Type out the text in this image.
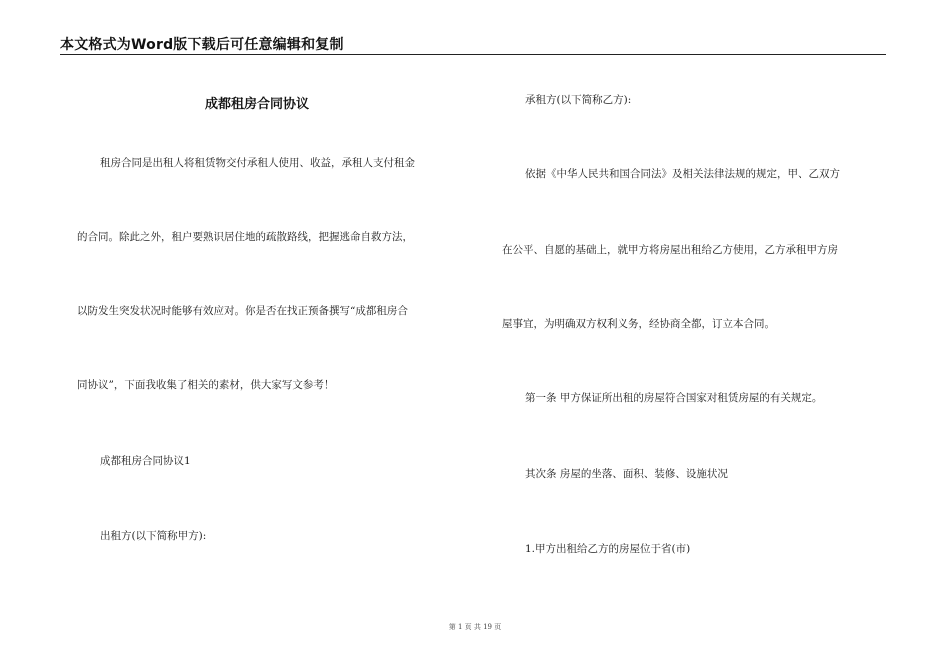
本文格式为Word版下载后可任意编辑和复制
成都租房合同协议
租房合同是出租人将租赁物交付承租人使用、收益，承租人支付租金
的合同。除此之外，租户要熟识居住地的疏散路线，把握逃命自救方法，
以防发生突发状况时能够有效应对。你是否在找正预备撰写“成都租房合
同协议”，下面我收集了相关的素材，供大家写文参考！
成都租房合同协议1
出租方(以下简称甲方):
承租方(以下简称乙方):
依据《中华人民共和国合同法》及相关法律法规的规定，甲、乙双方
在公平、自愿的基础上，就甲方将房屋出租给乙方使用，乙方承租甲方房
屋事宜，为明确双方权利义务，经协商全都，订立本合同。
第一条 甲方保证所出租的房屋符合国家对租赁房屋的有关规定。
其次条 房屋的坐落、面积、装修、设施状况
1.甲方出租给乙方的房屋位于省(市)
第 1 页 共 19 页
